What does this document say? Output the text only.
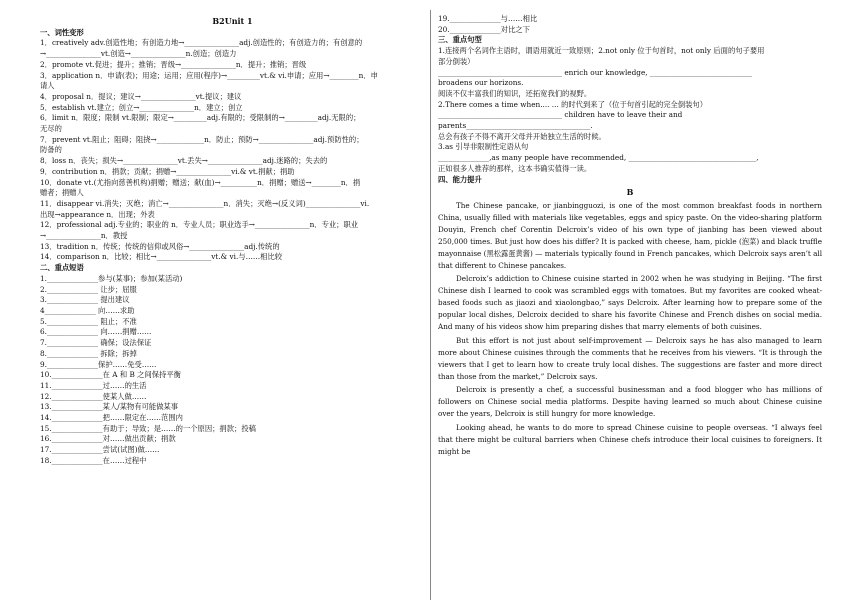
B2Unit 1
一、词性变形
1．creatively adv.创造性地；有创造力地→_______________adj.创造性的；有创造力的；有创意的
→_______________vt.创造→_______________n.创造；创造力
2．promote vt.促进；提升；推销；晋级→_______________n．提升；推销；晋级
3．application n．申请(表)；用途；运用；应用(程序)→_________vt.& vi.申请；应用→________n．申
请人
4．proposal n．提议；建议→_______________vt.提议；建议
5．establish vt.建立；创立→_______________n．建立；创立
6．limit n．限度；限制 vt.限制；限定→_________adj.有限的；受限制的→_________adj.无限的；
无尽的
7．prevent vt.阻止；阻碍；阻挠→_____________n．防止；预防→_______________adj.预防性的；
防备的
8．loss n．丧失；损失→_______________vt.丢失→_______________adj.迷路的；失去的
9．contribution n．捐款；贡献；捐赠→_______________vi.& vt.捐献；捐助
10．donate vt.(尤指向慈善机构)捐赠；赠送；献(血)→__________n．捐赠；赠送→________n．捐
赠者；捐赠人
11．disappear vi.消失；灭绝；消亡→_______________n．消失；灭绝→(反义词)_______________vi.
出现→appearance n．出现；外表
12．professional adj.专业的；职业的 n．专业人员；职业选手→_______________n．专业；职业
→_______________n．教授
13．tradition n．传统；传统的信仰或风俗→_______________adj.传统的
14．comparison n．比较；相比→_______________vt.& vi.与……相比较
二、重点短语
1.______________参与(某事)；参加(某活动)
2.______________ 让步；屈服
3.______________ 提出建议
4______________ 向……求助
5.______________ 阻止；不准
6.______________ 向……捐赠……
7.______________ 确保；设法保证
8.______________ 拆除；拆掉
9.______________保护……免受……
10.______________在 A 和 B 之间保持平衡
11.______________过……的生活
12.______________使某人做……
13.______________某人/某物有可能做某事
14.______________把……限定在……范围内
15.______________有助于；导致；是……的一个原因；捐款；投稿
16.______________对……做出贡献；捐款
17.______________尝试(试图)做……
18.______________在……过程中
19.______________与……相比
20.______________对比之下
三、重点句型
1.连接两个名词作主语时，谓语用就近一致原则；2.not only 位于句首时，not only 后面的句子要用
部分倒装）
__________________________________ enrich our knowledge, ____________________________
broadens our horizons.
阅读不仅丰富我们的知识，还拓宽我们的视野。
2.There comes a time when.... ... 的时代到来了（位于句首引起的完全倒装句）
__________________________________ children have to leave their and
parents__________________________________.
总会有孩子不得不离开父母并开始独立生活的时候。
3.as 引导非限制性定语从句
______________,as many people have recommended, ___________________________________,
正如很多人推荐的那样，这本书确实值得一读。
四、能力提升
B

The Chinese pancake, or jianbingguozi, is one of the most common breakfast foods in northern China, usually filled with materials like vegetables, eggs and spicy paste. On the video-sharing platform Douyin, French chef Corentin Delcroix’s video of his own type of jianbing has been viewed about 250,000 times. But just how does his differ? It is packed with cheese, ham, pickle (泡菜) and black truffle mayonnaise (黑松露蛋黄酱) — materials typically found in French pancakes, which Delcroix says aren’t all that different to Chinese pancakes.

Delcroix’s addiction to Chinese cuisine started in 2002 when he was studying in Beijing. “The first Chinese dish I learned to cook was scrambled eggs with tomatoes. But my favorites are cooked wheat-based foods such as jiaozi and xiaolongbao,” says Delcroix. After learning how to prepare some of the popular local dishes, Delcroix decided to share his favorite Chinese and French dishes on social media. And many of his videos show him preparing dishes that marry elements of both cuisines.

But this effort is not just about self-improvement — Delcroix says he has also managed to learn more about Chinese cuisines through the comments that he receives from his viewers. “It is through the viewers that I get to learn how to create truly local dishes. The suggestions are faster and more direct than those from the market,” Delcroix says.

Delcroix is presently a chef, a successful businessman and a food blogger who has millions of followers on Chinese social media platforms. Despite having learned so much about Chinese cuisine over the years, Delcroix is still hungry for more knowledge.

Looking ahead, he wants to do more to spread Chinese cuisine to people overseas. “I always feel that there might be cultural barriers when Chinese chefs introduce their local cuisines to foreigners. It might be
